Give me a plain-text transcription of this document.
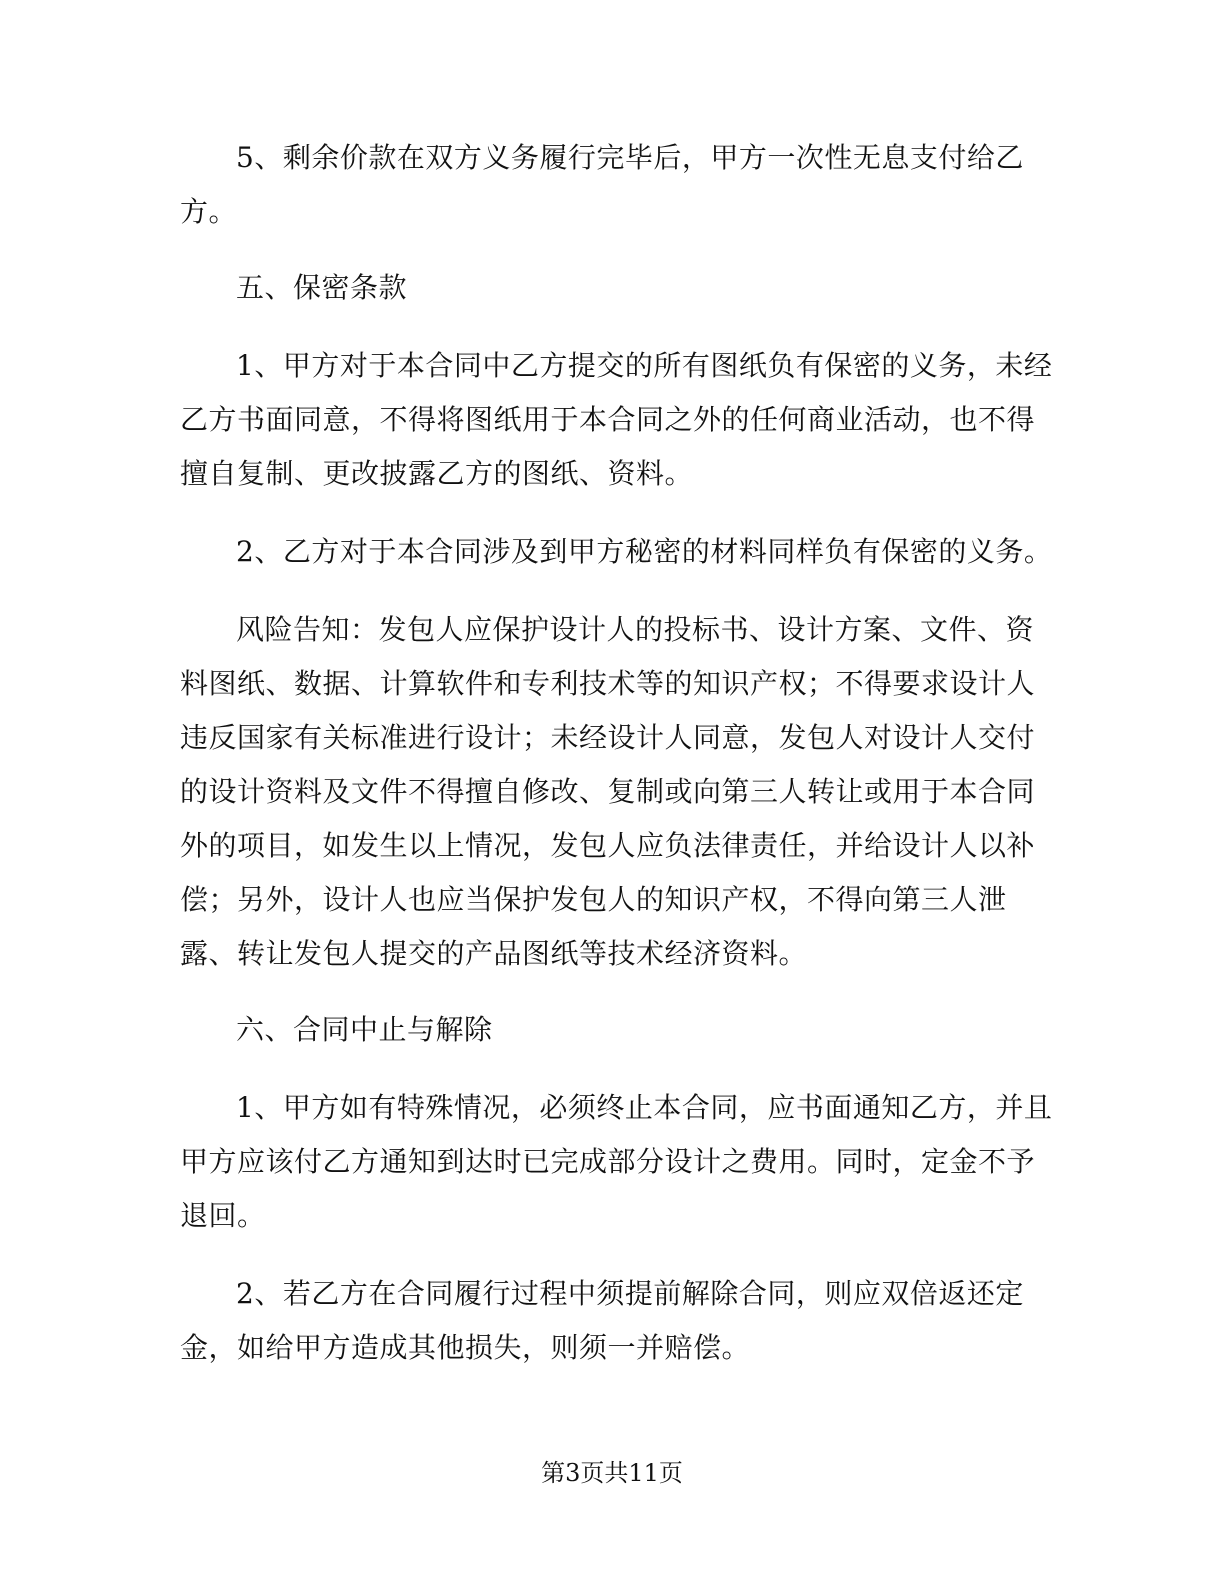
5、剩余价款在双方义务履行完毕后，甲方一次性无息支付给乙
方。
五、保密条款
1、甲方对于本合同中乙方提交的所有图纸负有保密的义务，未经
乙方书面同意，不得将图纸用于本合同之外的任何商业活动，也不得
擅自复制、更改披露乙方的图纸、资料。
2、乙方对于本合同涉及到甲方秘密的材料同样负有保密的义务。
风险告知：发包人应保护设计人的投标书、设计方案、文件、资
料图纸、数据、计算软件和专利技术等的知识产权；不得要求设计人
违反国家有关标准进行设计；未经设计人同意，发包人对设计人交付
的设计资料及文件不得擅自修改、复制或向第三人转让或用于本合同
外的项目，如发生以上情况，发包人应负法律责任，并给设计人以补
偿；另外，设计人也应当保护发包人的知识产权，不得向第三人泄
露、转让发包人提交的产品图纸等技术经济资料。
六、合同中止与解除
1、甲方如有特殊情况，必须终止本合同，应书面通知乙方，并且
甲方应该付乙方通知到达时已完成部分设计之费用。同时，定金不予
退回。
2、若乙方在合同履行过程中须提前解除合同，则应双倍返还定
金，如给甲方造成其他损失，则须一并赔偿。
第3页共11页
